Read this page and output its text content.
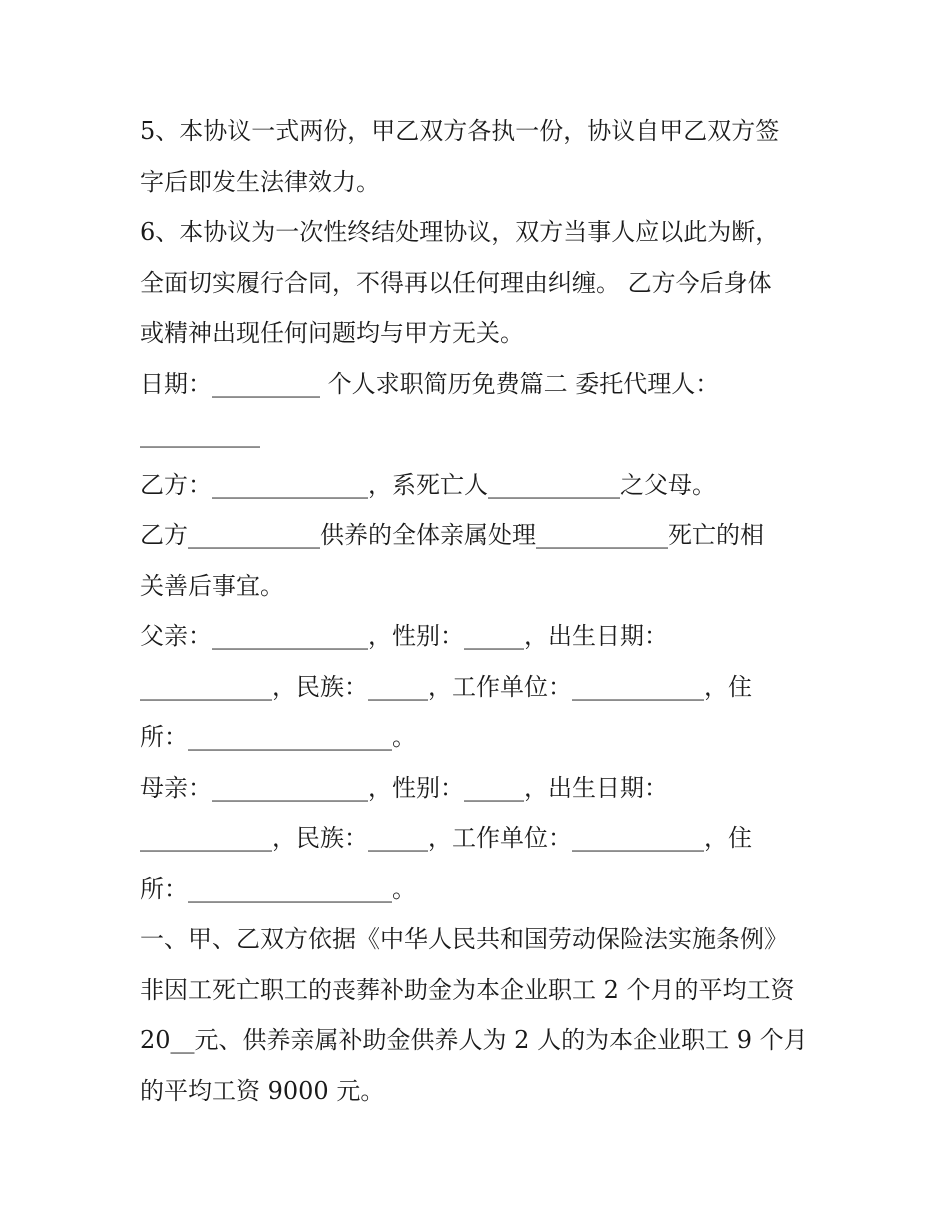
5、本协议一式两份，甲乙双方各执一份，协议自甲乙双方签

字后即发生法律效力。

6、本协议为一次性终结处理协议，双方当事人应以此为断，

全面切实履行合同，不得再以任何理由纠缠。 乙方今后身体

或精神出现任何问题均与甲方无关。

日期：_________ 个人求职简历免费篇二 委托代理人：

__________

乙方：_____________，系死亡人___________之父母。

乙方___________供养的全体亲属处理___________死亡的相

关善后事宜。

父亲：_____________，性别：_____，出生日期：

___________，民族：_____，工作单位：___________，住

所：_________________。

母亲：_____________，性别：_____，出生日期：

___________，民族：_____，工作单位：___________，住

所：_________________。

一、甲、乙双方依据《中华人民共和国劳动保险法实施条例》

非因工死亡职工的丧葬补助金为本企业职工 2 个月的平均工资

20__元、供养亲属补助金供养人为 2 人的为本企业职工 9 个月

的平均工资 9000 元。
